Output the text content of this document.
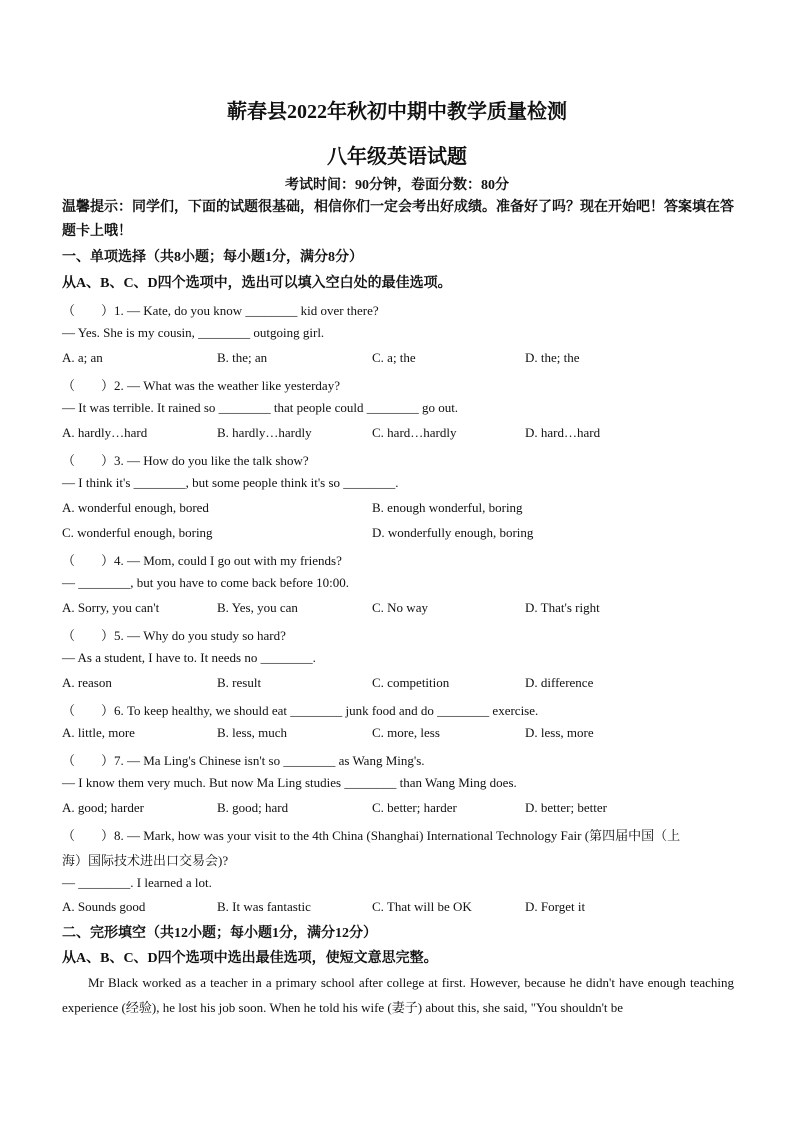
蕲春县2022年秋初中期中教学质量检测
八年级英语试题
考试时间：90分钟，卷面分数：80分
温馨提示：同学们，下面的试题很基础，相信你们一定会考出好成绩。准备好了吗？现在开始吧！答案填在答题卡上哦！
一、单项选择（共8小题；每小题1分，满分8分）
从A、B、C、D四个选项中，选出可以填入空白处的最佳选项。
（　　）1. — Kate, do you know ________ kid over there?
— Yes. She is my cousin, ________ outgoing girl.
A. a; an	B. the; an	C. a; the	D. the; the
（　　）2. — What was the weather like yesterday?
— It was terrible. It rained so ________ that people could ________ go out.
A. hardly…hard	B. hardly…hardly	C. hard…hardly	D. hard…hard
（　　）3. — How do you like the talk show?
— I think it's ________, but some people think it's so ________.
A. wonderful enough, bored	B. enough wonderful, boring
C. wonderful enough, boring	D. wonderfully enough, boring
（　　）4. — Mom, could I go out with my friends?
— ________, but you have to come back before 10:00.
A. Sorry, you can't	B. Yes, you can	C. No way	D. That's right
（　　）5. — Why do you study so hard?
— As a student, I have to. It needs no ________.
A. reason	B. result	C. competition	D. difference
（　　）6. To keep healthy, we should eat ________ junk food and do ________ exercise.
A. little, more	B. less, much	C. more, less	D. less, more
（　　）7. — Ma Ling's Chinese isn't so ________ as Wang Ming's.
— I know them very much. But now Ma Ling studies ________ than Wang Ming does.
A. good; harder	B. good; hard	C. better; harder	D. better; better
（　　）8. — Mark, how was your visit to the 4th China (Shanghai) International Technology Fair (第四届中国（上
海）国际技术进出口交易会)?
— ________. I learned a lot.
A. Sounds good	B. It was fantastic	C. That will be OK	D. Forget it
二、完形填空（共12小题；每小题1分，满分12分）
从A、B、C、D四个选项中选出最佳选项，使短文意思完整。
Mr Black worked as a teacher in a primary school after college at first. However, because he didn't have enough teaching experience (经验), he lost his job soon. When he told his wife (妻子) about this, she said, "You shouldn't be
